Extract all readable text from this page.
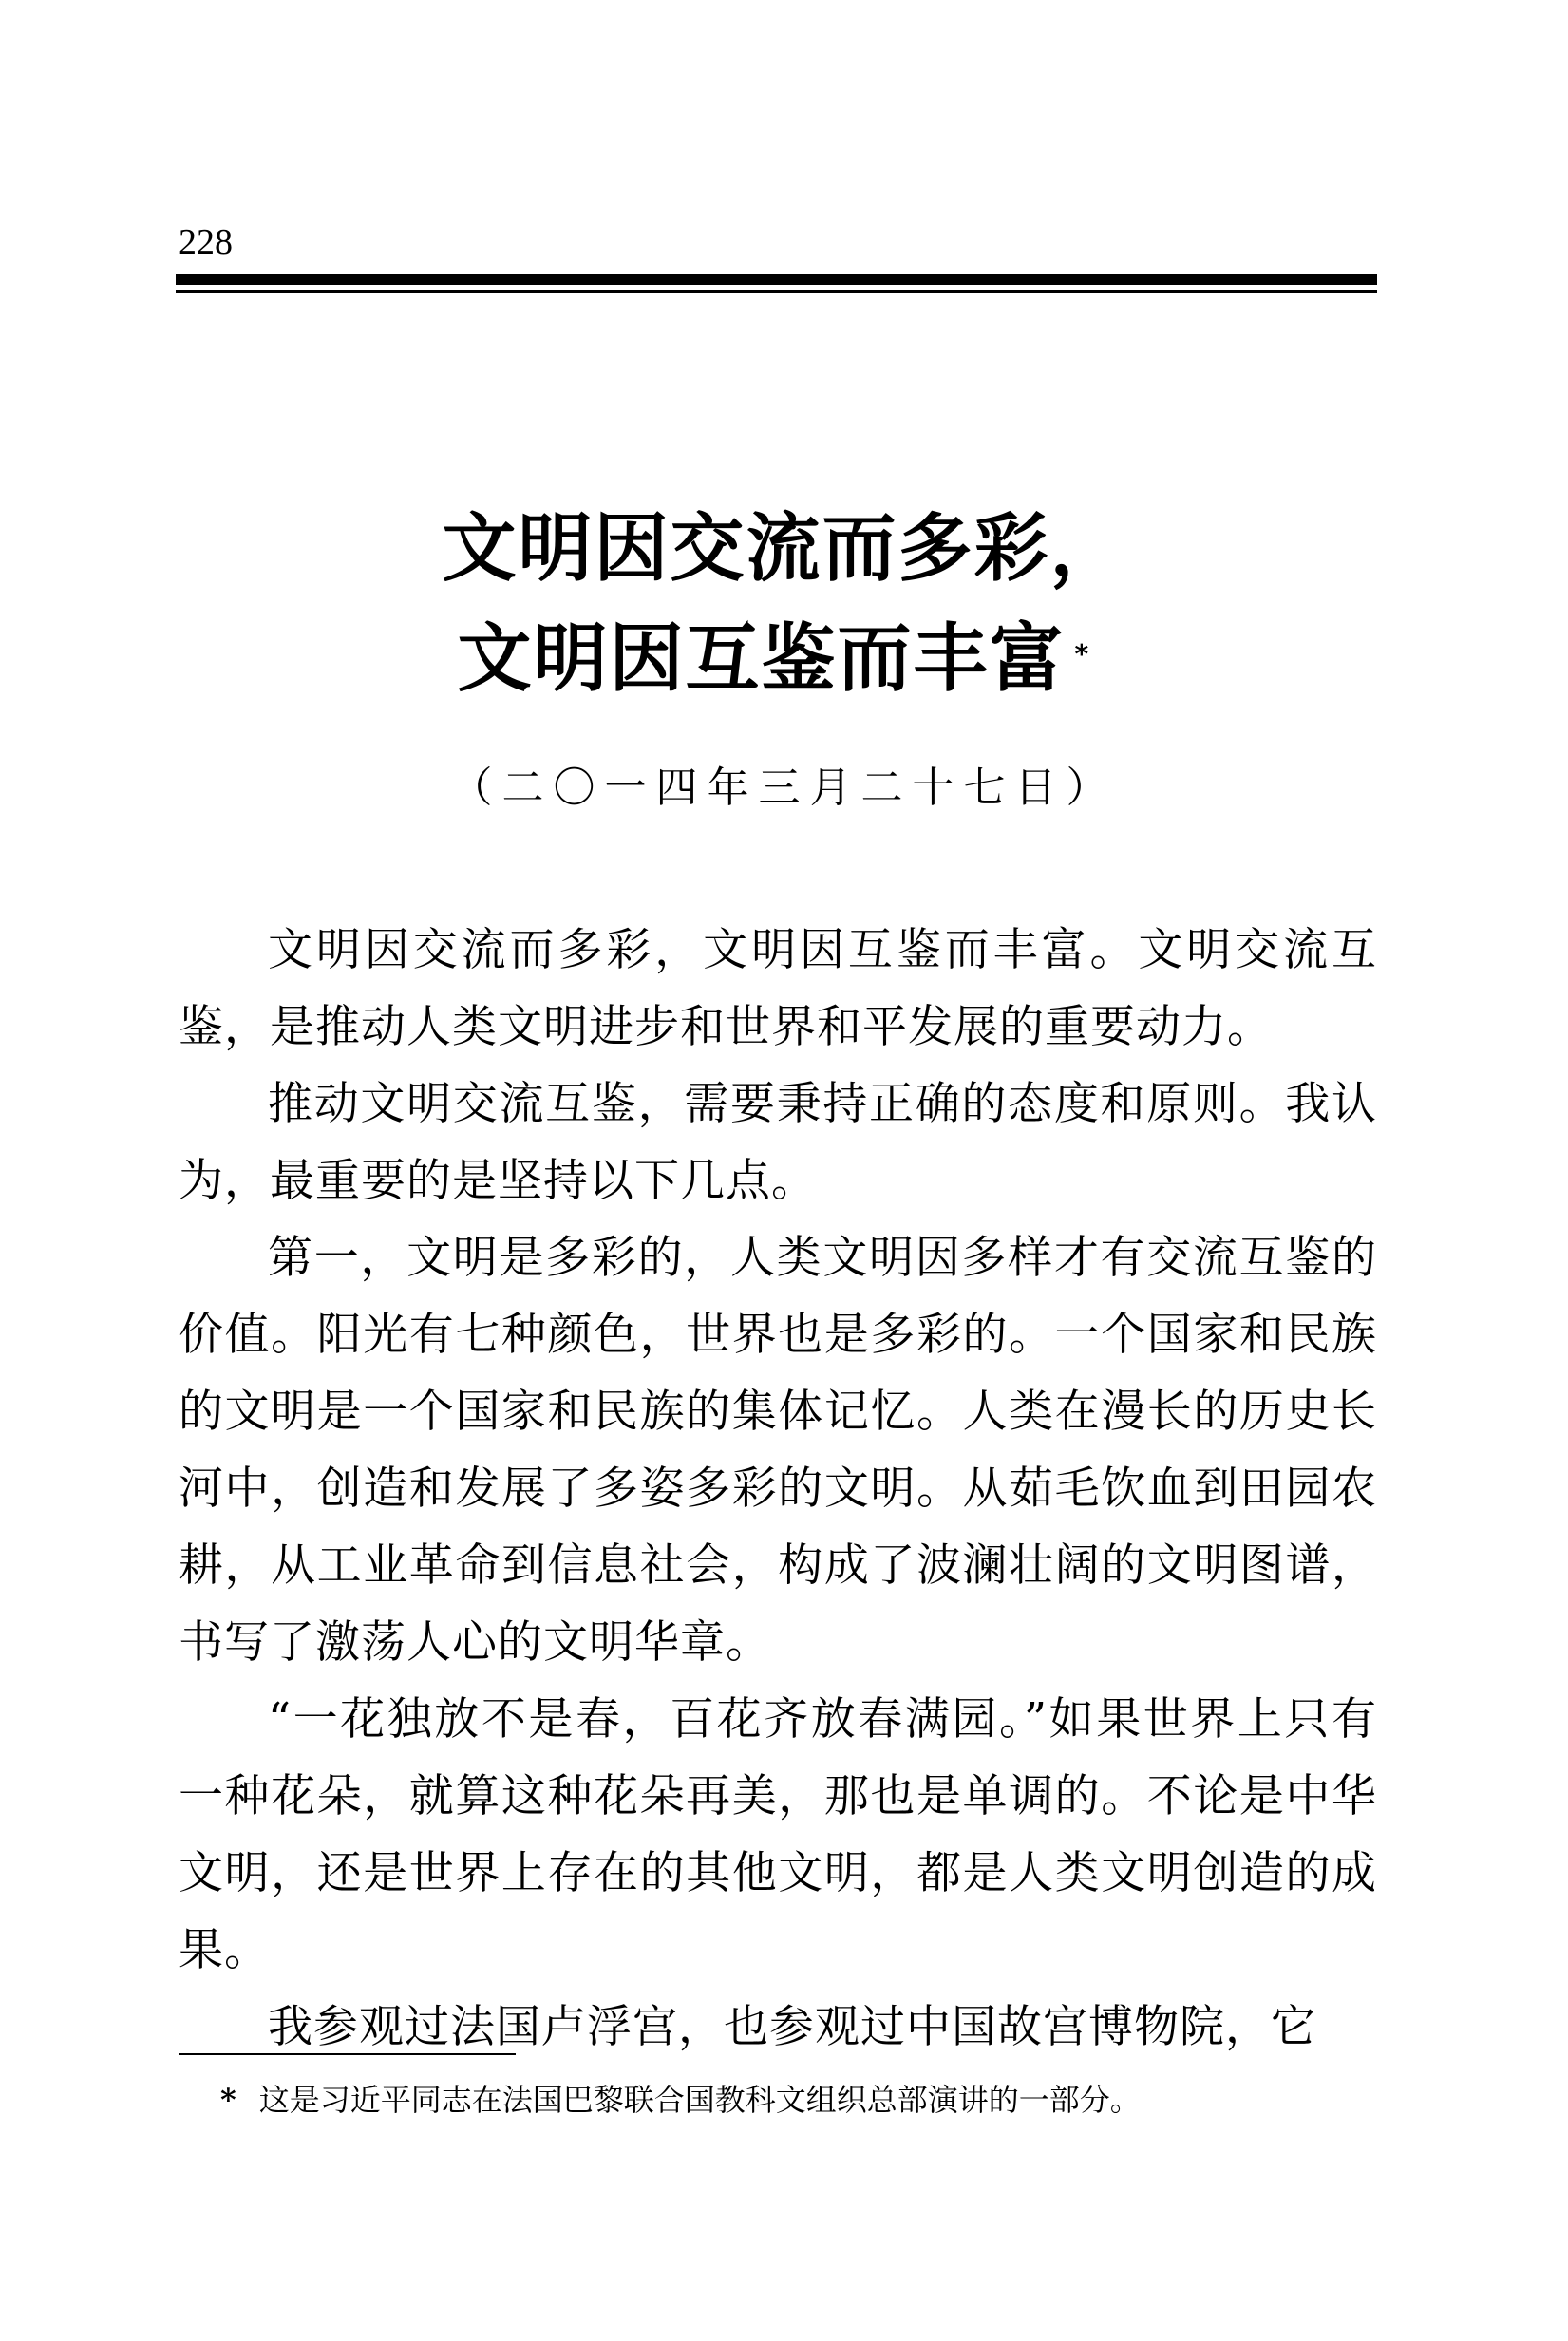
228
文明因交流而多彩，
文明因互鉴而丰富 *
（二〇一四年三月二十七日）

文明因交流而多彩，文明因互鉴而丰富。文明交流互鉴，是推动人类文明进步和世界和平发展的重要动力。

推动文明交流互鉴，需要秉持正确的态度和原则。我认为，最重要的是坚持以下几点。

第一，文明是多彩的，人类文明因多样才有交流互鉴的价值。阳光有七种颜色，世界也是多彩的。一个国家和民族的文明是一个国家和民族的集体记忆。人类在漫长的历史长河中，创造和发展了多姿多彩的文明。从茹毛饮血到田园农耕，从工业革命到信息社会，构成了波澜壮阔的文明图谱，书写了激荡人心的文明华章。

“一花独放不是春，百花齐放春满园。”如果世界上只有一种花朵，就算这种花朵再美，那也是单调的。不论是中华文明，还是世界上存在的其他文明，都是人类文明创造的成果。

我参观过法国卢浮宫，也参观过中国故宫博物院，它

* 这是习近平同志在法国巴黎联合国教科文组织总部演讲的一部分。
